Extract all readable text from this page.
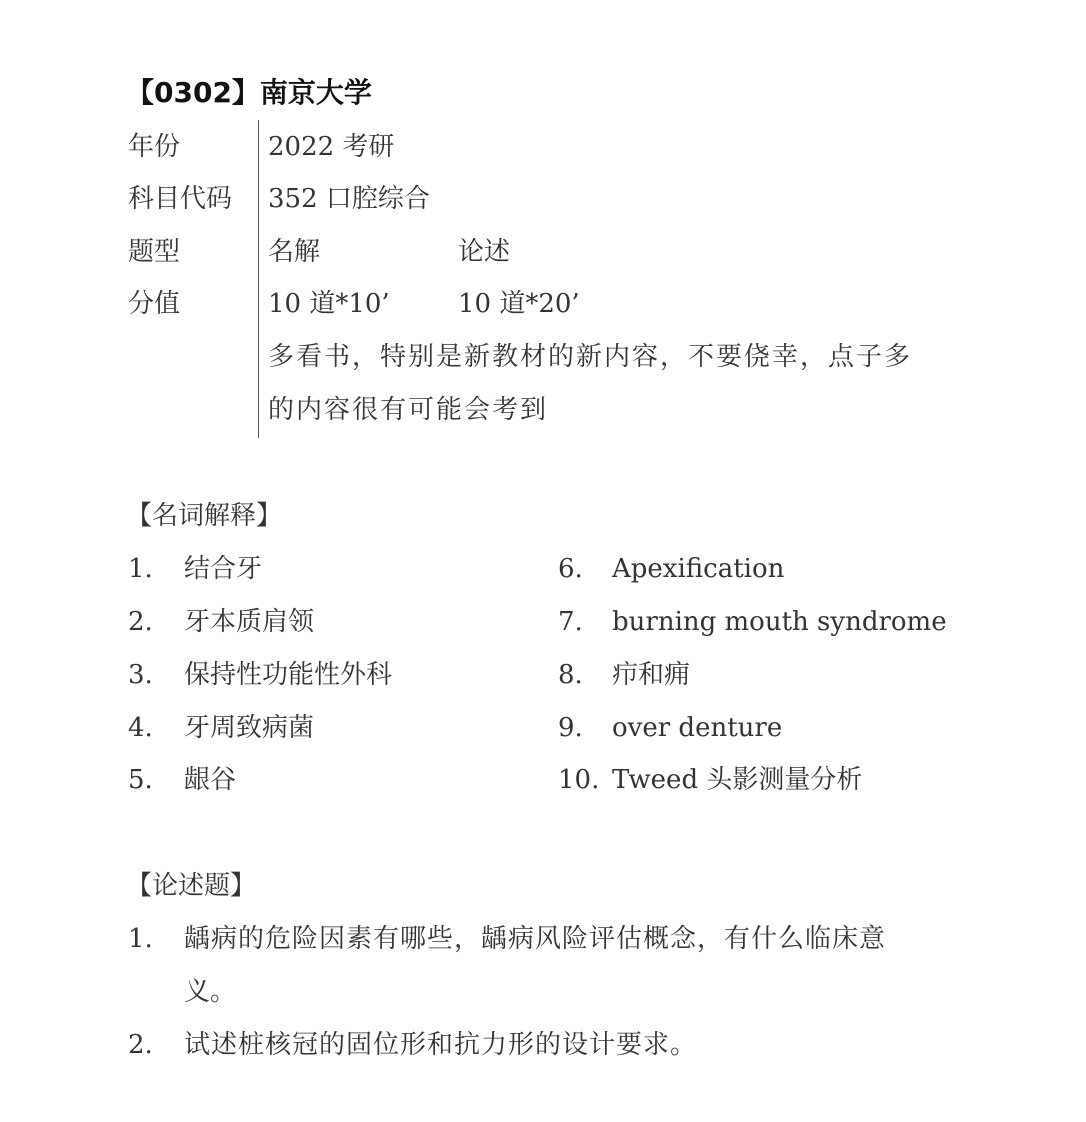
【0302】南京大学
年份	2022 考研
科目代码 352 口腔综合
题型	名解	论述
分值	10 道*10’	10 道*20’
多看书，特别是新教材的新内容，不要侥幸，点子多
的内容很有可能会考到
【名词解释】
1. 结合牙
2. 牙本质肩领
3. 保持性功能性外科
4. 牙周致病菌
5. 龈谷
6. Apexification
7. burning mouth syndrome
8. 疖和痈
9. over denture
10. Tweed 头影测量分析
【论述题】
1. 龋病的危险因素有哪些，龋病风险评估概念，有什么临床意
义。
2. 试述桩核冠的固位形和抗力形的设计要求。
